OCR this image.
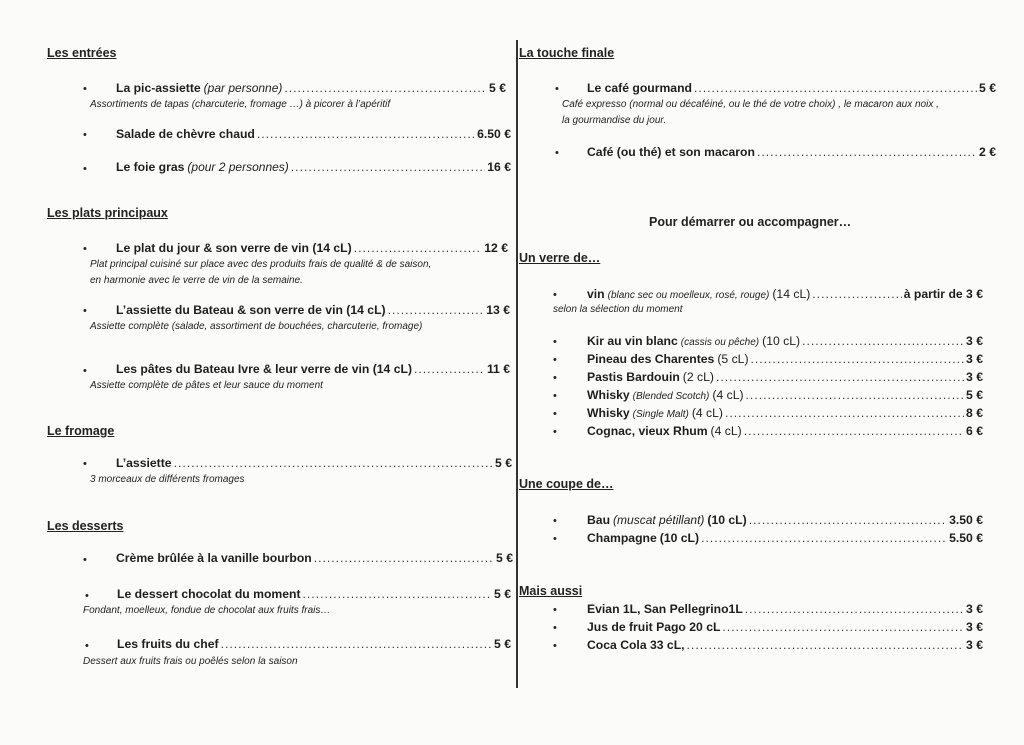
Les entrées
• La pic-assiette (par personne) .....	5 €
Assortiments de tapas (charcuterie, fromage …) à picorer à l’apéritif
• Salade de chèvre chaud .....	6.50 €
• Le foie gras (pour 2 personnes) .....	16 €
Les plats principaux
• Le plat du jour & son verre de vin (14 cL) .....	12 €
Plat principal cuisiné sur place avec des produits frais de qualité & de saison,
en harmonie avec le verre de vin de la semaine.
• L’assiette du Bateau & son verre de vin (14 cL) .....	13 €
Assiette complète (salade, assortiment de bouchées, charcuterie, fromage)
• Les pâtes du Bateau Ivre & leur verre de vin (14 cL) .....	11 €
Assiette complète de pâtes et leur sauce du moment
Le fromage
• L’assiette .....	5 €
3 morceaux de différents fromages
Les desserts
• Crème brûlée à la vanille bourbon .....	5 €
• Le dessert chocolat du moment .....	5 €
Fondant, moelleux, fondue de chocolat aux fruits frais…
• Les fruits du chef .....	5 €
Dessert aux fruits frais ou poêlés selon la saison
La touche finale
• Le café gourmand .....	5 €
Café expresso (normal ou décaféiné, ou le thé de votre choix) , le macaron aux noix ,
la gourmandise du jour.
• Café (ou thé) et son macaron .....	2 €
Pour démarrer ou accompagner…
Un verre de…
• vin (blanc sec ou moelleux, rosé, rouge) (14 cL) .....	à partir de 3 €
selon la sélection du moment
• Kir au vin blanc (cassis ou pêche) (10 cL) .....	3 €
• Pineau des Charentes (5 cL) .....	3 €
• Pastis Bardouin (2 cL) .....	3 €
• Whisky (Blended Scotch) (4 cL) .....	5 €
• Whisky (Single Malt) (4 cL) .....	8 €
• Cognac, vieux Rhum (4 cL) .....	6 €
Une coupe de…
• Bau (muscat pétillant) (10 cL) .....	3.50 €
• Champagne (10 cL) .....	5.50 €
Mais aussi
• Evian 1L, San Pellegrino1L .....	3 €
• Jus de fruit Pago 20 cL .....	3 €
• Coca Cola 33 cL, .....	3 €
